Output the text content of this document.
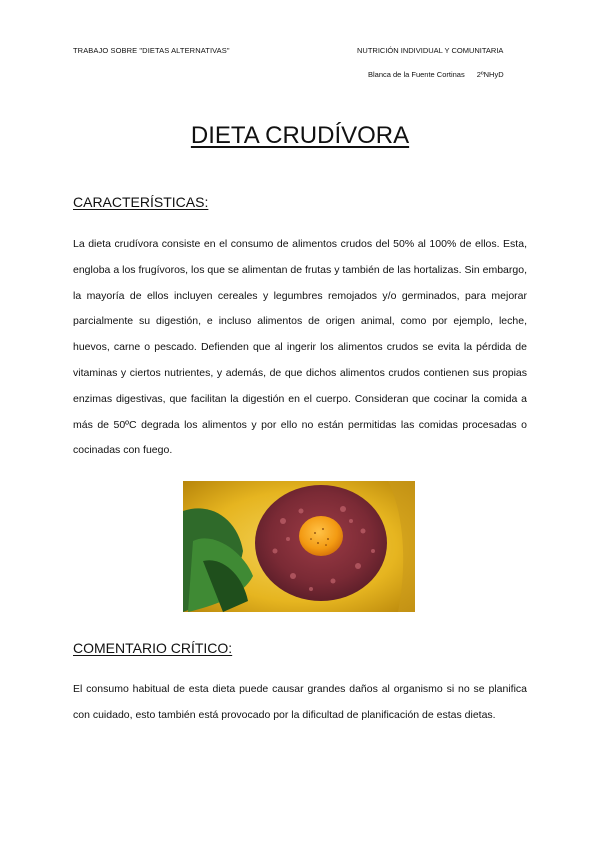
TRABAJO SOBRE "DIETAS ALTERNATIVAS"	NUTRICIÓN INDIVIDUAL Y COMUNITARIA
Blanca de la Fuente Cortinas 2ºNHyD
DIETA CRUDÍVORA
CARACTERÍSTICAS:

La dieta crudívora consiste en el consumo de alimentos crudos del 50% al 100% de ellos. Esta, engloba a los frugívoros, los que se alimentan de frutas y también de las hortalizas. Sin embargo, la mayoría de ellos incluyen cereales y legumbres remojados y/o germinados, para mejorar parcialmente su digestión, e incluso alimentos de origen animal, como por ejemplo, leche, huevos, carne o pescado. Defienden que al ingerir los alimentos crudos se evita la pérdida de vitaminas y ciertos nutrientes, y además, de que dichos alimentos crudos contienen sus propias enzimas digestivas, que facilitan la digestión en el cuerpo. Consideran que cocinar la comida a más de 50ºC degrada los alimentos y por ello no están permitidas las comidas procesadas o cocinadas con fuego.

COMENTARIO CRÍTICO:

El consumo habitual de esta dieta puede causar grandes daños al organismo si no se planifica con cuidado, esto también está provocado por la dificultad de planificación de estas dietas.
